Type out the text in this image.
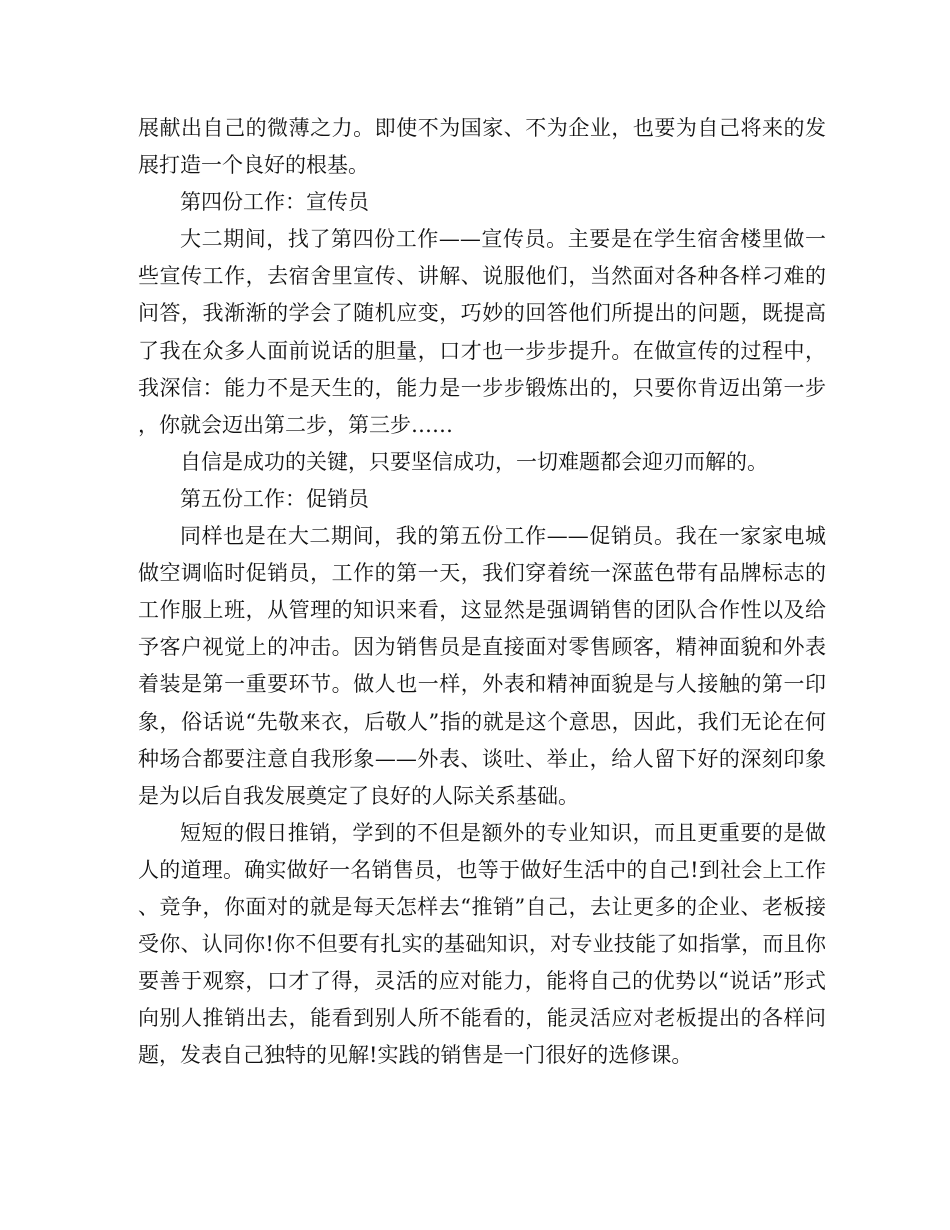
展献出自己的微薄之力。即使不为国家、不为企业，也要为自己将来的发展打造一个良好的根基。

第四份工作：宣传员

大二期间，找了第四份工作——宣传员。主要是在学生宿舍楼里做一些宣传工作，去宿舍里宣传、讲解、说服他们，当然面对各种各样刁难的问答，我渐渐的学会了随机应变，巧妙的回答他们所提出的问题，既提高了我在众多人面前说话的胆量，口才也一步步提升。在做宣传的过程中，我深信：能力不是天生的，能力是一步步锻炼出的，只要你肯迈出第一步，你就会迈出第二步，第三步……

自信是成功的关键，只要坚信成功，一切难题都会迎刃而解的。

第五份工作：促销员

同样也是在大二期间，我的第五份工作——促销员。我在一家家电城做空调临时促销员，工作的第一天，我们穿着统一深蓝色带有品牌标志的工作服上班，从管理的知识来看，这显然是强调销售的团队合作性以及给予客户视觉上的冲击。因为销售员是直接面对零售顾客，精神面貌和外表着装是第一重要环节。做人也一样，外表和精神面貌是与人接触的第一印象，俗话说“先敬来衣，后敬人”指的就是这个意思，因此，我们无论在何种场合都要注意自我形象——外表、谈吐、举止，给人留下好的深刻印象是为以后自我发展奠定了良好的人际关系基础。

短短的假日推销，学到的不但是额外的专业知识，而且更重要的是做人的道理。确实做好一名销售员，也等于做好生活中的自己!到社会上工作、竞争，你面对的就是每天怎样去“推销”自己，去让更多的企业、老板接受你、认同你!你不但要有扎实的基础知识，对专业技能了如指掌，而且你要善于观察，口才了得，灵活的应对能力，能将自己的优势以“说话”形式向别人推销出去，能看到别人所不能看的，能灵活应对老板提出的各样问题，发表自己独特的见解!实践的销售是一门很好的选修课。
